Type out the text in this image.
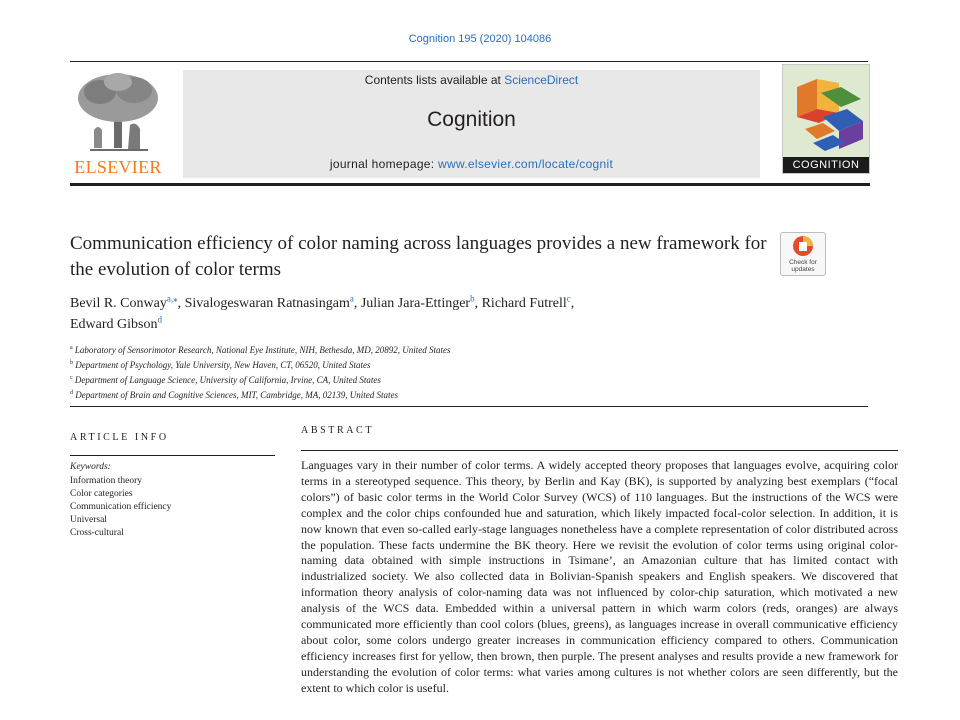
Cognition 195 (2020) 104086
ELSEVIER
Contents lists available at ScienceDirect
Cognition
journal homepage: www.elsevier.com/locate/cognit	COGNITION
Communication efficiency of color naming across languages provides a new framework for the evolution of color terms	Check for updates
Bevil R. Conway$^{a,⁎}$, Sivalogeswaran Ratnasingam$^a$, Julian Jara-Ettinger$^b$, Richard Futrell$^c$,
Edward Gibson$^d$
$^a$ Laboratory of Sensorimotor Research, National Eye Institute, NIH, Bethesda, MD, 20892, United States
$^b$ Department of Psychology, Yale University, New Haven, CT, 06520, United States
$^c$ Department of Language Science, University of California, Irvine, CA, United States
$^d$ Department of Brain and Cognitive Sciences, MIT, Cambridge, MA, 02139, United States
ARTICLE INFO
Keywords:
Information theory
Color categories
Communication efficiency
Universal
Cross-cultural
ABSTRACT

Languages vary in their number of color terms. A widely accepted theory proposes that languages evolve, acquiring color terms in a stereotyped sequence. This theory, by Berlin and Kay (BK), is supported by analyzing best exemplars (“focal colors”) of basic color terms in the World Color Survey (WCS) of 110 languages. But the instructions of the WCS were complex and the color chips confounded hue and saturation, which likely impacted focal-color selection. In addition, it is now known that even so-called early-stage languages nonetheless have a complete representation of color distributed across the population. These facts undermine the BK theory. Here we revisit the evolution of color terms using original color-naming data obtained with simple instructions in Tsimane’, an Amazonian culture that has limited contact with industrialized society. We also collected data in Bolivian-Spanish speakers and English speakers. We discovered that information theory analysis of color-naming data was not influenced by color-chip saturation, which motivated a new analysis of the WCS data. Embedded within a universal pattern in which warm colors (reds, oranges) are always communicated more efficiently than cool colors (blues, greens), as languages increase in overall communicative efficiency about color, some colors undergo greater increases in communication efficiency compared to others. Communication efficiency increases first for yellow, then brown, then purple. The present analyses and results provide a new framework for understanding the evolution of color terms: what varies among cultures is not whether colors are seen differently, but the extent to which color is useful.
